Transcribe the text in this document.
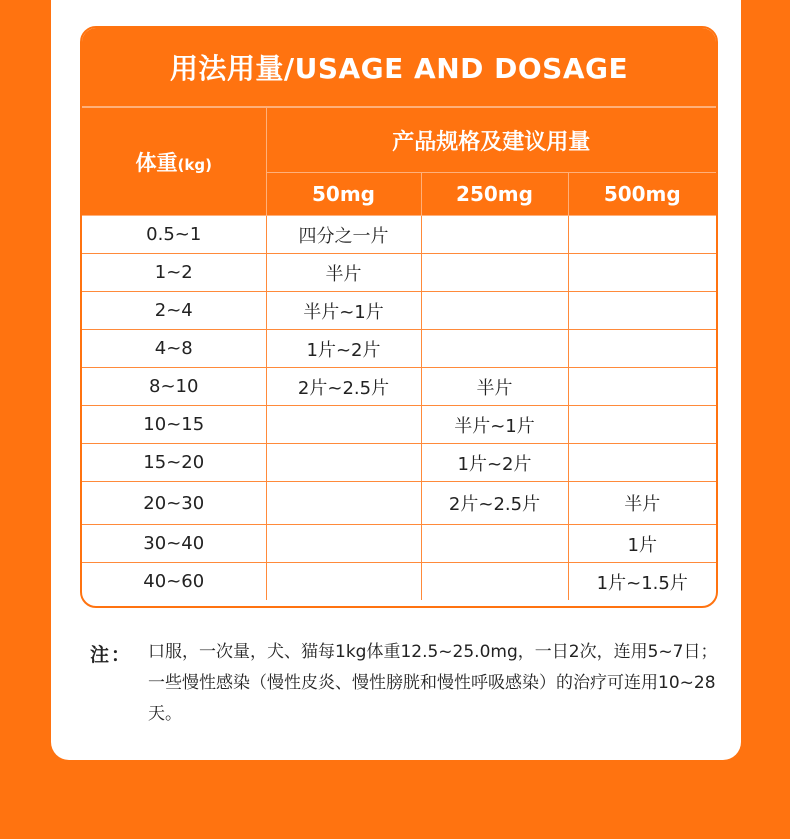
用法用量/USAGE AND DOSAGE
体重(kg)	产品规格及建议用量		
	50mg	250mg	500mg
0.5~1	四分之一片		
1~2	半片		
2~4	半片~1片		
4~8	1片~2片		
8~10	2片~2.5片	半片	
10~15		半片~1片	
15~20		1片~2片	
20~30		2片~2.5片	半片
30~40			1片
40~60			1片~1.5片
注： 口服，一次量，犬、猫每1kg体重12.5~25.0mg，一日2次，连用5~7日；一些慢性感染（慢性皮炎、慢性膀胱和慢性呼吸感染）的治疗可连用10~28天。
